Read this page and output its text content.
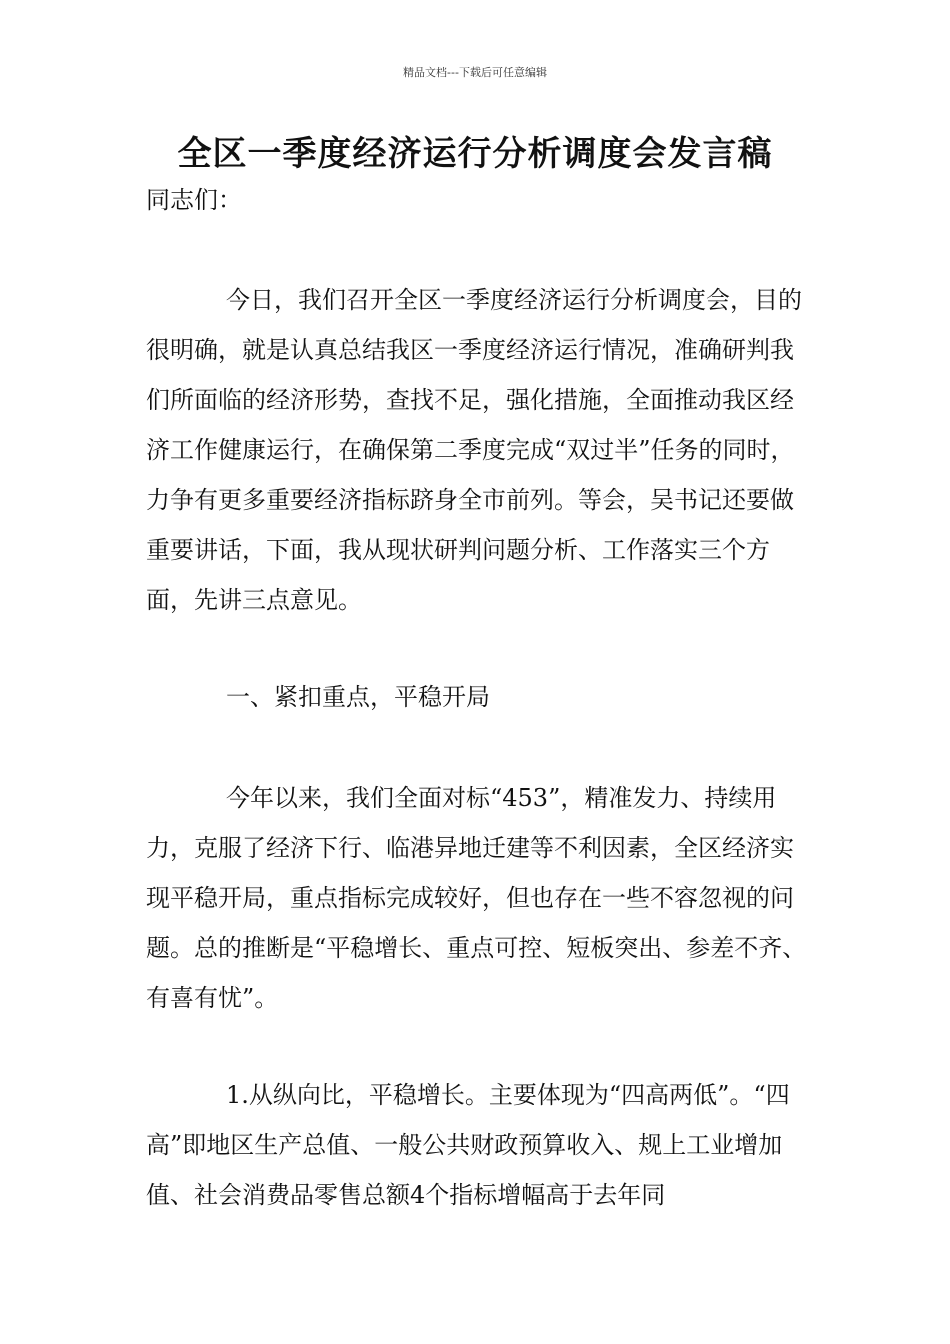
精品文档---下载后可任意编辑
全区一季度经济运行分析调度会发言稿

同志们：

今日，我们召开全区一季度经济运行分析调度会，目的很明确，就是认真总结我区一季度经济运行情况，准确研判我们所面临的经济形势，查找不足，强化措施，全面推动我区经济工作健康运行，在确保第二季度完成“双过半”任务的同时，力争有更多重要经济指标跻身全市前列。等会，吴书记还要做重要讲话，下面，我从现状研判问题分析、工作落实三个方面，先讲三点意见。

一、紧扣重点，平稳开局

今年以来，我们全面对标“453”，精准发力、持续用力，克服了经济下行、临港异地迁建等不利因素，全区经济实现平稳开局，重点指标完成较好，但也存在一些不容忽视的问题。总的推断是“平稳增长、重点可控、短板突出、参差不齐、有喜有忧”。

1.从纵向比，平稳增长。主要体现为“四高两低”。“四高”即地区生产总值、一般公共财政预算收入、规上工业增加值、社会消费品零售总额4个指标增幅高于去年同
